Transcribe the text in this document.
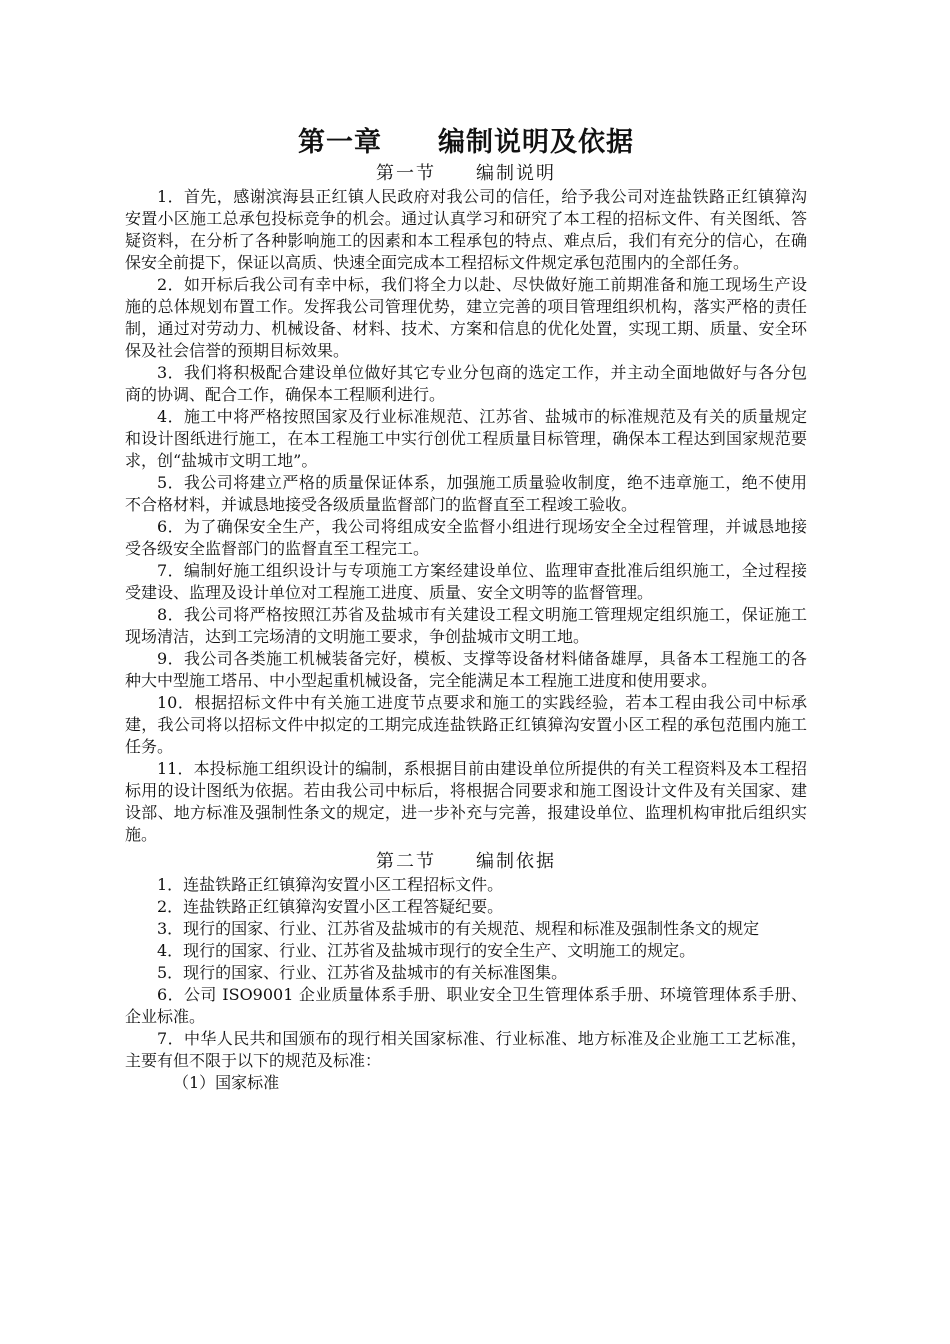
第一章　　编制说明及依据
第一节　　编制说明

1．首先，感谢滨海县正红镇人民政府对我公司的信任，给予我公司对连盐铁路正红镇獐沟安置小区施工总承包投标竞争的机会。通过认真学习和研究了本工程的招标文件、有关图纸、答疑资料，在分析了各种影响施工的因素和本工程承包的特点、难点后，我们有充分的信心，在确保安全前提下，保证以高质、快速全面完成本工程招标文件规定承包范围内的全部任务。

2．如开标后我公司有幸中标，我们将全力以赴、尽快做好施工前期准备和施工现场生产设施的总体规划布置工作。发挥我公司管理优势，建立完善的项目管理组织机构，落实严格的责任制，通过对劳动力、机械设备、材料、技术、方案和信息的优化处置，实现工期、质量、安全环保及社会信誉的预期目标效果。

3．我们将积极配合建设单位做好其它专业分包商的选定工作，并主动全面地做好与各分包商的协调、配合工作，确保本工程顺利进行。

4．施工中将严格按照国家及行业标准规范、江苏省、盐城市的标准规范及有关的质量规定和设计图纸进行施工，在本工程施工中实行创优工程质量目标管理，确保本工程达到国家规范要求，创“盐城市文明工地”。

5．我公司将建立严格的质量保证体系，加强施工质量验收制度，绝不违章施工，绝不使用不合格材料，并诚恳地接受各级质量监督部门的监督直至工程竣工验收。

6．为了确保安全生产，我公司将组成安全监督小组进行现场安全全过程管理，并诚恳地接受各级安全监督部门的监督直至工程完工。

7．编制好施工组织设计与专项施工方案经建设单位、监理审查批准后组织施工，全过程接受建设、监理及设计单位对工程施工进度、质量、安全文明等的监督管理。

8．我公司将严格按照江苏省及盐城市有关建设工程文明施工管理规定组织施工，保证施工现场清洁，达到工完场清的文明施工要求，争创盐城市文明工地。

9．我公司各类施工机械装备完好，模板、支撑等设备材料储备雄厚，具备本工程施工的各种大中型施工塔吊、中小型起重机械设备，完全能满足本工程施工进度和使用要求。

10．根据招标文件中有关施工进度节点要求和施工的实践经验，若本工程由我公司中标承建，我公司将以招标文件中拟定的工期完成连盐铁路正红镇獐沟安置小区工程的承包范围内施工任务。

11．本投标施工组织设计的编制，系根据目前由建设单位所提供的有关工程资料及本工程招标用的设计图纸为依据。若由我公司中标后，将根据合同要求和施工图设计文件及有关国家、建设部、地方标准及强制性条文的规定，进一步补充与完善，报建设单位、监理机构审批后组织实施。

第二节　　编制依据

1．连盐铁路正红镇獐沟安置小区工程招标文件。

2．连盐铁路正红镇獐沟安置小区工程答疑纪要。

3．现行的国家、行业、江苏省及盐城市的有关规范、规程和标准及强制性条文的规定

4．现行的国家、行业、江苏省及盐城市现行的安全生产、文明施工的规定。

5．现行的国家、行业、江苏省及盐城市的有关标准图集。

6．公司 ISO9001 企业质量体系手册、职业安全卫生管理体系手册、环境管理体系手册、企业标准。

7．中华人民共和国颁布的现行相关国家标准、行业标准、地方标准及企业施工工艺标准，主要有但不限于以下的规范及标准：

（1）国家标准
